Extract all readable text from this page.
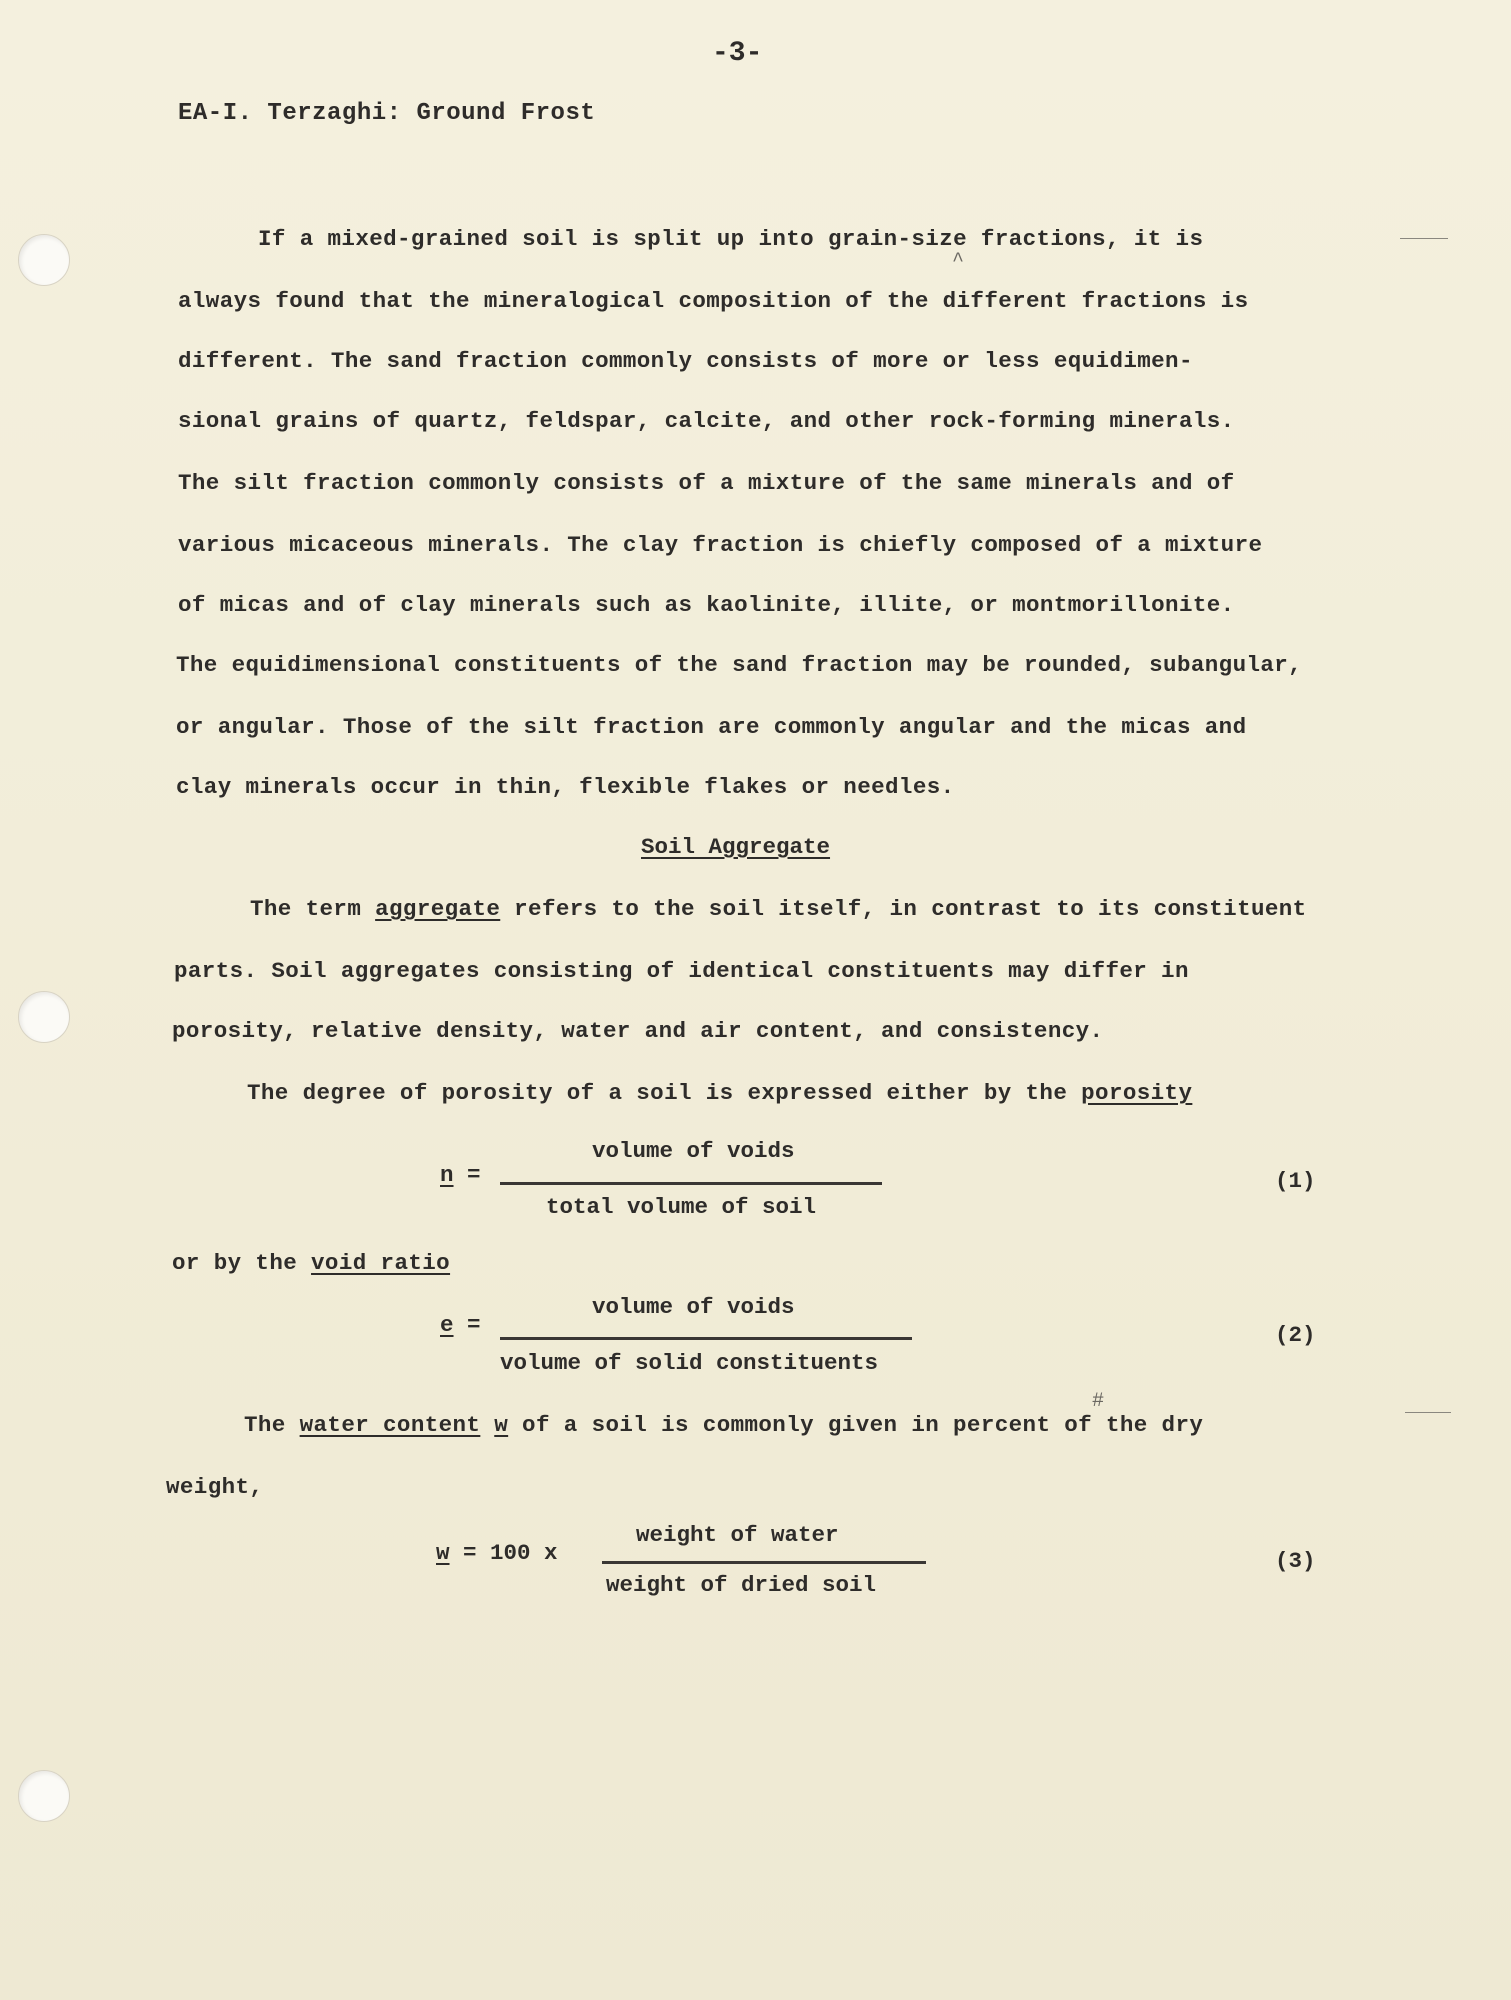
-3-
EA-I. Terzaghi: Ground Frost
If a mixed-grained soil is split up into grain-size fractions, it is
^
always found that the mineralogical composition of the different fractions is
different. The sand fraction commonly consists of more or less equidimen-
sional grains of quartz, feldspar, calcite, and other rock-forming minerals.
The silt fraction commonly consists of a mixture of the same minerals and of
various micaceous minerals. The clay fraction is chiefly composed of a mixture
of micas and of clay minerals such as kaolinite, illite, or montmorillonite.
The equidimensional constituents of the sand fraction may be rounded, subangular,
or angular. Those of the silt fraction are commonly angular and the micas and
clay minerals occur in thin, flexible flakes or needles.
Soil Aggregate
The term aggregate refers to the soil itself, in contrast to its constituent
parts. Soil aggregates consisting of identical constituents may differ in
porosity, relative density, water and air content, and consistency.
The degree of porosity of a soil is expressed either by the porosity
n =
volume of voids
total volume of soil
(1)
or by the void ratio
e =
volume of voids
volume of solid constituents
(2)
#
The water content w of a soil is commonly given in percent of the dry
weight,
w = 100 x
weight of water
weight of dried soil
(3)
